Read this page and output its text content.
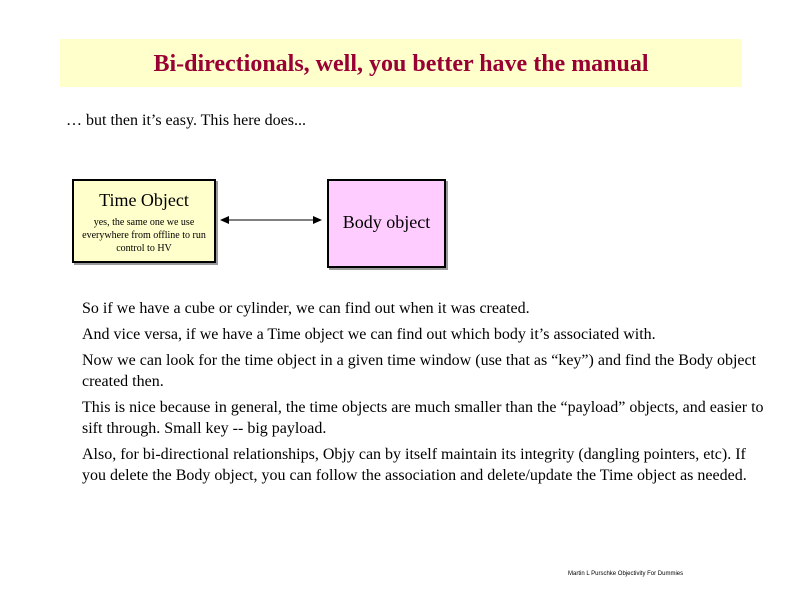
Bi-directionals, well, you better have the manual
… but then it’s easy. This here does...
Time Object
yes, the same one we use everywhere from offline to run control to HV
Body object

So if we have a cube or cylinder, we can find out when it was created.

And vice versa, if we have a Time object we can find out which body it’s associated with.

Now we can look for the time object in a given time window (use that as “key”) and find the Body object created then.

This is nice because in general, the time objects are much smaller than the “payload” objects, and easier to sift through. Small key -- big payload.

Also, for bi-directional relationships, Objy can by itself maintain its integrity (dangling pointers, etc). If you delete the Body object, you can follow the association and delete/update the Time object as needed.

Martin L Purschke Objectivity For Dummies
